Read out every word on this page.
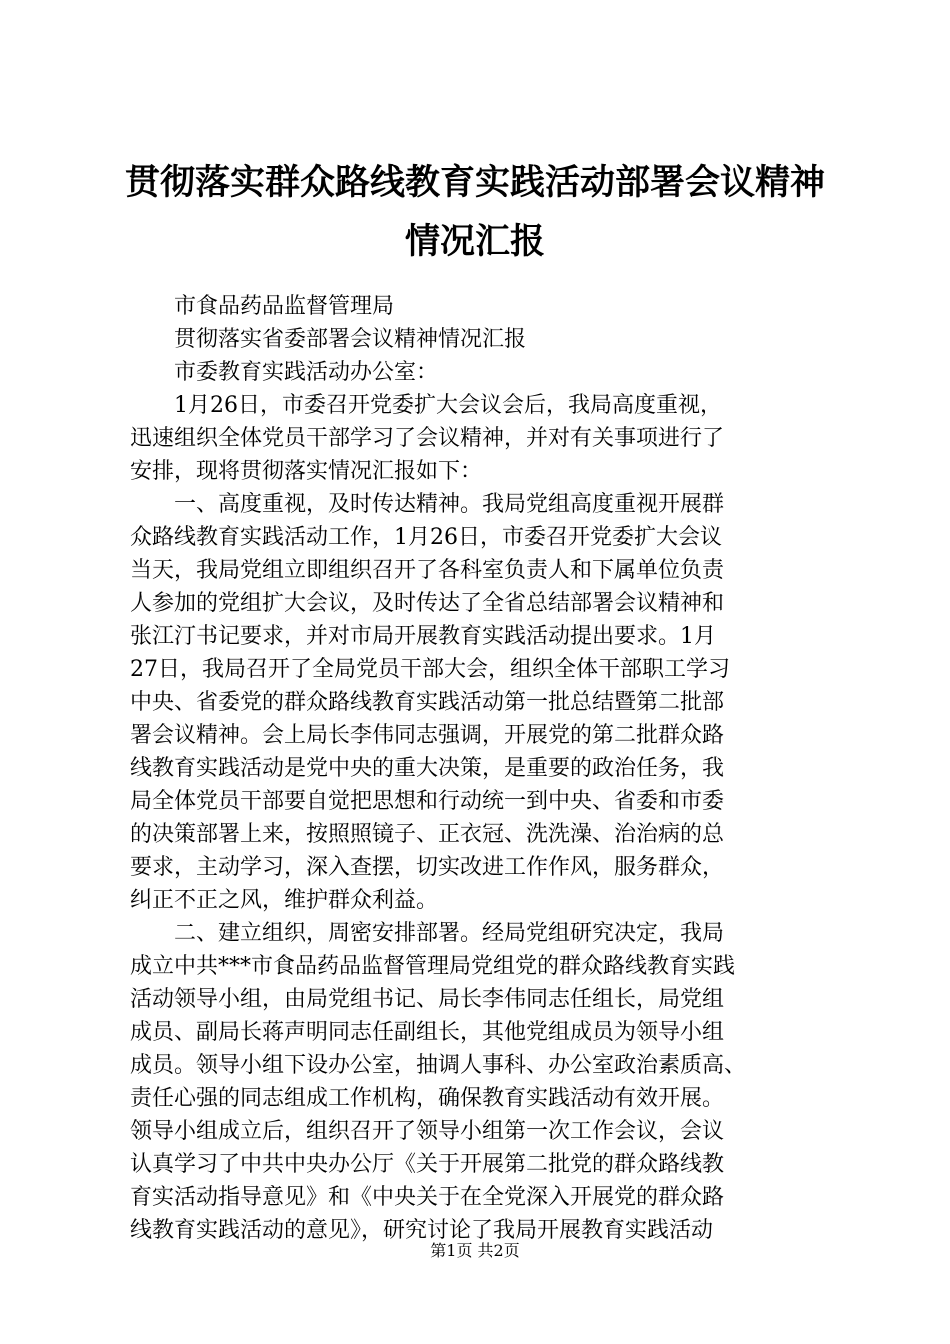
贯彻落实群众路线教育实践活动部署会议精神
情况汇报
市食品药品监督管理局
贯彻落实省委部署会议精神情况汇报
市委教育实践活动办公室：
1月26日，市委召开党委扩大会议会后，我局高度重视，
迅速组织全体党员干部学习了会议精神，并对有关事项进行了
安排，现将贯彻落实情况汇报如下：
一、高度重视，及时传达精神。我局党组高度重视开展群
众路线教育实践活动工作，1月26日，市委召开党委扩大会议
当天，我局党组立即组织召开了各科室负责人和下属单位负责
人参加的党组扩大会议，及时传达了全省总结部署会议精神和
张江汀书记要求，并对市局开展教育实践活动提出要求。1月
27日，我局召开了全局党员干部大会，组织全体干部职工学习
中央、省委党的群众路线教育实践活动第一批总结暨第二批部
署会议精神。会上局长李伟同志强调，开展党的第二批群众路
线教育实践活动是党中央的重大决策，是重要的政治任务，我
局全体党员干部要自觉把思想和行动统一到中央、省委和市委
的决策部署上来，按照照镜子、正衣冠、洗洗澡、治治病的总
要求，主动学习，深入查摆，切实改进工作作风，服务群众，
纠正不正之风，维护群众利益。
二、建立组织，周密安排部署。经局党组研究决定，我局
成立中共***市食品药品监督管理局党组党的群众路线教育实践
活动领导小组，由局党组书记、局长李伟同志任组长，局党组
成员、副局长蒋声明同志任副组长，其他党组成员为领导小组
成员。领导小组下设办公室，抽调人事科、办公室政治素质高、
责任心强的同志组成工作机构，确保教育实践活动有效开展。
领导小组成立后，组织召开了领导小组第一次工作会议，会议
认真学习了中共中央办公厅《关于开展第二批党的群众路线教
育实活动指导意见》和《中央关于在全党深入开展党的群众路
线教育实践活动的意见》，研究讨论了我局开展教育实践活动
第1页 共2页
